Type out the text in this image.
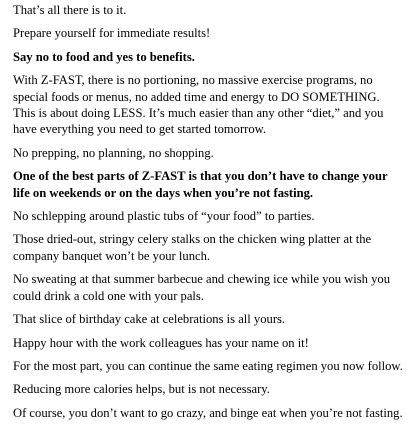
That’s all there is to it.

Prepare yourself for immediate results!

Say no to food and yes to benefits.

With Z-FAST, there is no portioning, no massive exercise programs, no special foods or menus, no added time and energy to DO SOMETHING. This is about doing LESS. It’s much easier than any other “diet,” and you have everything you need to get started tomorrow.

No prepping, no planning, no shopping.

One of the best parts of Z-FAST is that you don’t have to change your life on weekends or on the days when you’re not fasting.

No schlepping around plastic tubs of “your food” to parties.

Those dried-out, stringy celery stalks on the chicken wing platter at the company banquet won’t be your lunch.

No sweating at that summer barbecue and chewing ice while you wish you could drink a cold one with your pals.

That slice of birthday cake at celebrations is all yours.

Happy hour with the work colleagues has your name on it!

For the most part, you can continue the same eating regimen you now follow.

Reducing more calories helps, but is not necessary.

Of course, you don’t want to go crazy, and binge eat when you’re not fasting.
